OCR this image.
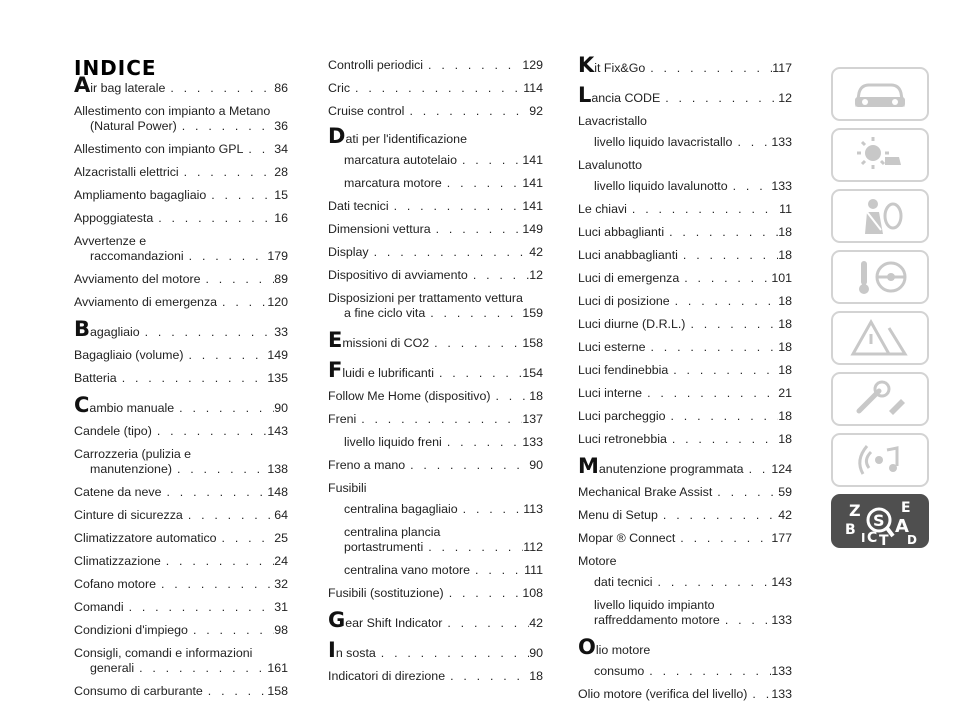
INDICE
Air bag laterale . . .	86
Allestimento con impianto a Metano
(Natural Power) . . .	36
Allestimento con impianto GPL . . . 34
Alzacristalli elettrici . . .	28
Ampliamento bagagliaio . . .	15
Appoggiatesta . . .	16
Avvertenze e
raccomandazioni . . .	179
Avviamento del motore . . .	89
Avviamento di emergenza . . .	120
Bagagliaio . . .	33
Bagagliaio (volume) . . .	149
Batteria . . .	135
Cambio manuale . . .	90
Candele (tipo) . . .	143
Carrozzeria (pulizia e
manutenzione) . . .	138
Catene da neve . . .	148
Cinture di sicurezza . . .	64
Climatizzatore automatico . . .	25
Climatizzazione . . .	24
Cofano motore . . .	32
Comandi . . .	31
Condizioni d'impiego . . .	98
Consigli, comandi e informazioni
generali . . .	161
Consumo di carburante . . .	158
Controlli periodici . . .	129
Cric . . .	114
Cruise control . . .	92
Dati per l'identificazione
marcatura autotelaio . . .	141
marcatura motore . . .	141
Dati tecnici . . .	141
Dimensioni vettura . . .	149
Display . . .	42
Dispositivo di avviamento . . .	12
Disposizioni per trattamento vettura
a fine ciclo vita . . .	159
Emissioni di CO2 . . .	158
Fluidi e lubrificanti . . .	154
Follow Me Home (dispositivo) . . .	18
Freni . . .	137
livello liquido freni . . .	133
Freno a mano . . .	90
Fusibili
centralina bagagliaio . . .	113
centralina plancia
portastrumenti . . .	112
centralina vano motore . . .	111
Fusibili (sostituzione) . . .	108
Gear Shift Indicator . . .	42
In sosta . . .	90
Indicatori di direzione . . .	18
Kit Fix&Go . . .	117
Lancia CODE . . .	12
Lavacristallo
livello liquido lavacristallo . . .	133
Lavalunotto
livello liquido lavalunotto . . .	133
Le chiavi . . .	11
Luci abbaglianti . . .	18
Luci anabbaglianti . . .	18
Luci di emergenza . . .	101
Luci di posizione . . .	18
Luci diurne (D.R.L.) . . .	18
Luci esterne . . .	18
Luci fendinebbia . . .	18
Luci interne . . .	21
Luci parcheggio . . .	18
Luci retronebbia . . .	18
Manutenzione programmata . . . 124
Mechanical Brake Assist . . .	59
Menu di Setup . . .	42
Mopar ® Connect . . .	177
Motore
dati tecnici . . .	143
livello liquido impianto
raffreddamento motore . . .	133
Olio motore
consumo . . .	133
Olio motore (verifica del livello) . . . 133
Z	E
B A
I C T D
S
